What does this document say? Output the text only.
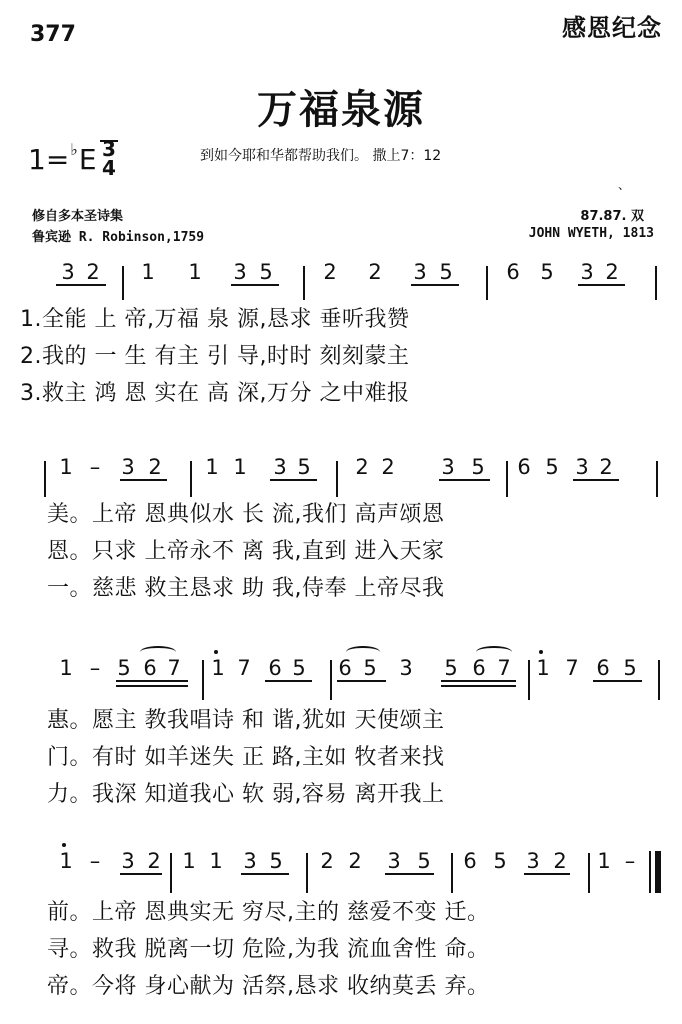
377	感恩纪念
万福泉源
1=♭E 3
4	到如今耶和华都帮助我们。 撒上7：12
、
修自多本圣诗集
鲁宾逊 R. Robinson,1759
87.87. 双
JOHN WYETH, 1813
3 2 1 1 3 5 2 2 3 5	6 5 3 2
1.全能 上 帝,万福 泉 源,恳求 垂听我赞
2.我的 一 生 有主 引 导,时时 刻刻蒙主
3.救主 鸿 恩 实在 高 深,万分 之中难报
1 – 3 2 1 1 3 5 2 2 3 5 6 5 3 2
美。上帝 恩典似水 长 流,我们 高声颂恩
恩。只求 上帝永不 离 我,直到 进入天家
一。慈悲 救主恳求 助 我,侍奉 上帝尽我
1 – 5 6 7 1 7 6 5 6 5 3 5 6 7 1 7 6 5
惠。愿主 教我唱诗 和 谐,犹如 天使颂主
门。有时 如羊迷失 正 路,主如 牧者来找
力。我深 知道我心 软 弱,容易 离开我上
1 – 3 2 1 1 3 5 2 2 3 5 6 5 3 2 1 –
前。上帝 恩典实无 穷尽,主的 慈爱不变 迁。
寻。救我 脱离一切 危险,为我 流血舍性 命。
帝。今将 身心献为 活祭,恳求 收纳莫丢 弃。
